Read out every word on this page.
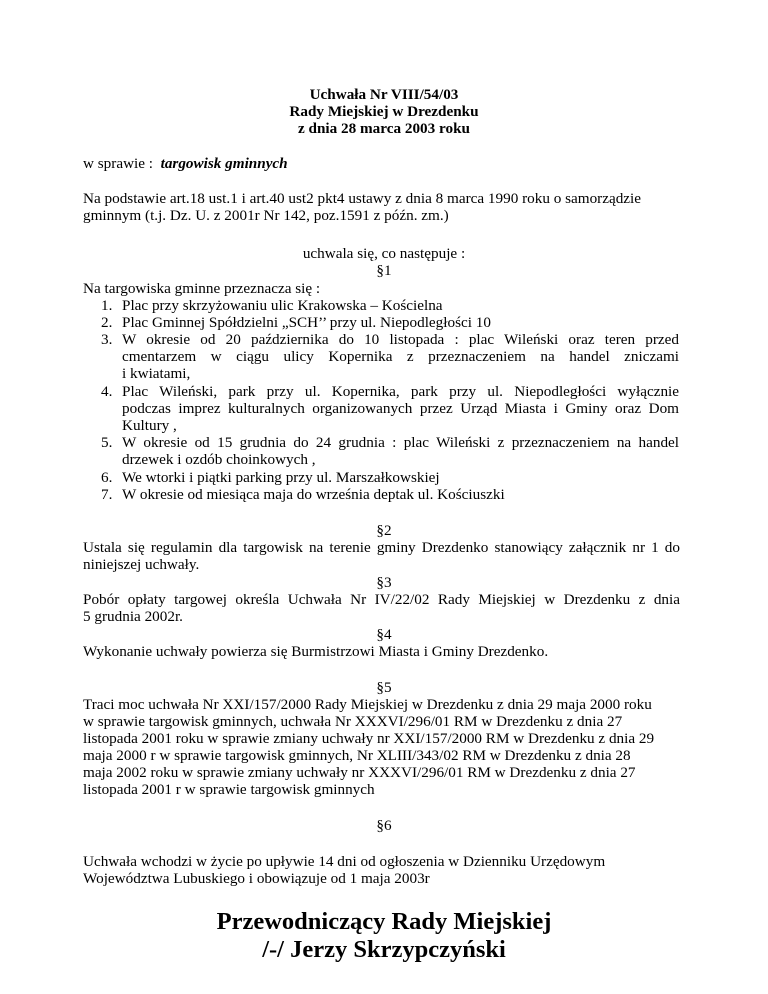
Uchwała Nr VIII/54/03
Rady Miejskiej w Drezdenku
z dnia 28 marca 2003 roku
w sprawie : targowisk gminnych
Na podstawie art.18 ust.1 i art.40 ust2 pkt4 ustawy z dnia 8 marca 1990 roku o samorządzie
gminnym (t.j. Dz. U. z 2001r Nr 142, poz.1591 z późn. zm.)
uchwala się, co następuje :
§1
Na targowiska gminne przeznacza się :
1. Plac przy skrzyżowaniu ulic Krakowska – Kościelna
2. Plac Gminnej Spółdzielni „SCH’’ przy ul. Niepodległości 10
3. W okresie od 20 października do 10 listopada : plac Wileński oraz teren przed
cmentarzem w ciągu ulicy Kopernika z przeznaczeniem na handel zniczami
i kwiatami,
4. Plac Wileński, park przy ul. Kopernika, park przy ul. Niepodległości wyłącznie
podczas imprez kulturalnych organizowanych przez Urząd Miasta i Gminy oraz Dom
Kultury ,
5. W okresie od 15 grudnia do 24 grudnia : plac Wileński z przeznaczeniem na handel
drzewek i ozdób choinkowych ,
6. We wtorki i piątki parking przy ul. Marszałkowskiej
7. W okresie od miesiąca maja do września deptak ul. Kościuszki
§2
Ustala się regulamin dla targowisk na terenie gminy Drezdenko stanowiący załącznik nr 1 do
niniejszej uchwały.
§3
Pobór opłaty targowej określa Uchwała Nr IV/22/02 Rady Miejskiej w Drezdenku z dnia
5 grudnia 2002r.
§4
Wykonanie uchwały powierza się Burmistrzowi Miasta i Gminy Drezdenko.
§5
Traci moc uchwała Nr XXI/157/2000 Rady Miejskiej w Drezdenku z dnia 29 maja 2000 roku
w sprawie targowisk gminnych, uchwała Nr XXXVI/296/01 RM w Drezdenku z dnia 27
listopada 2001 roku w sprawie zmiany uchwały nr XXI/157/2000 RM w Drezdenku z dnia 29
maja 2000 r w sprawie targowisk gminnych, Nr XLIII/343/02 RM w Drezdenku z dnia 28
maja 2002 roku w sprawie zmiany uchwały nr XXXVI/296/01 RM w Drezdenku z dnia 27
listopada 2001 r w sprawie targowisk gminnych
§6
Uchwała wchodzi w życie po upływie 14 dni od ogłoszenia w Dzienniku Urzędowym
Województwa Lubuskiego i obowiązuje od 1 maja 2003r
Przewodniczący Rady Miejskiej
/-/ Jerzy Skrzypczyński
